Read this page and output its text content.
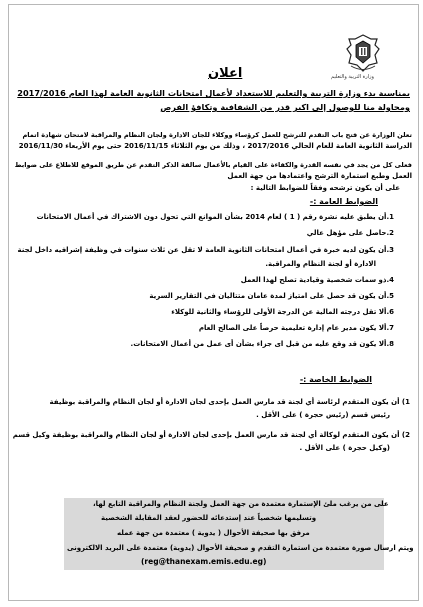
وزارة التربية والتعليم
اعلان
بمناسبة بدء وزارة التربية والتعليم للاستعداد لأعمال امتحانات الثانوية العامة لهذا العام 2017/2016
ومحاولة منا للوصول إلى اكبر قدر من الشفافية وتكافؤ الفرص
تعلن الوزارة عن فتح باب التقدم للترشح للعمل كرؤساء ووكلاء للجان الادارة ولجان النظام والمراقبة لامتحان شهادة اتمام
الدراسة الثانوية العامة للعام الحالي 2017/2016 ، وذلك من يوم الثلاثاء 2016/11/15 حتى يوم الأربعاء 2016/11/30
فعلى كل من يجد في نفسه القدرة والكفاءة على القيام بالأعمال سالفة الذكر التقدم عن طريق الموقع للاطلاع على ضوابط
العمل وطبع استمارة الترشح واعتمادها من جهة العمل
على أن يكون ترشحه وفقاً للضوابط التالية :
الضوابط العامة :-
1.أن يطبق عليه نشرة رقم ( 1 ) لعام 2014 بشأن الموانع التي تحول دون الاشتراك في أعمال الامتحانات
2.حاصل على مؤهل عالي
3.أن يكون لديه خبرة في أعمال امتحانات الثانوية العامة لا تقل عن ثلاث سنوات في وظيفة إشرافيه داخل لجنة
الادارة أو لجنة النظام والمراقبة.
4.ذو سمات شخصية وقيادية تصلح لهذا العمل
5.أن يكون قد حصل على امتياز لمدة عامان متتاليان في التقارير السرية
6.ألا تقل درجته المالية عن الدرجة الأولى للرؤساء والثانية للوكلاء
7.ألا يكون مدير عام إدارة تعليمية حرصاً على الصالح العام
8.ألا يكون قد وقع عليه من قبل اى جزاء بشأن أى عمل من أعمال الامتحانات.
الضوابط الخاصة :-
1) أن يكون المتقدم لرئاسة أي لجنة قد مارس العمل بإحدى لجان الادارة أو لجان النظام والمراقبة بوظيفة
رئيس قسم (رئيس حجرة ) على الأقل .
2) أن يكون المتقدم لوكالة أي لجنة قد مارس العمل بإحدى لجان الادارة أو لجان النظام والمراقبة بوظيفة وكيل قسم
(وكيل حجرة ) على الأقل .
على من يرغب ملئ الإستمارة معتمدة من جهة العمل ولجنة النظام والمراقبة التابع لها،
وتسليمها شخصياً عند إستدعائه للحضور لعقد المقابلة الشخصية
مرفق بها صحيفة الأحوال ( يدوية ) معتمدة من جهة عمله
ويتم ارسال صورة معتمدة من استمارة التقدم و صحيفة الأحوال (يدوية) معتمدة على البريد الالكترونى
(reg@thanexam.emis.edu.eg)
